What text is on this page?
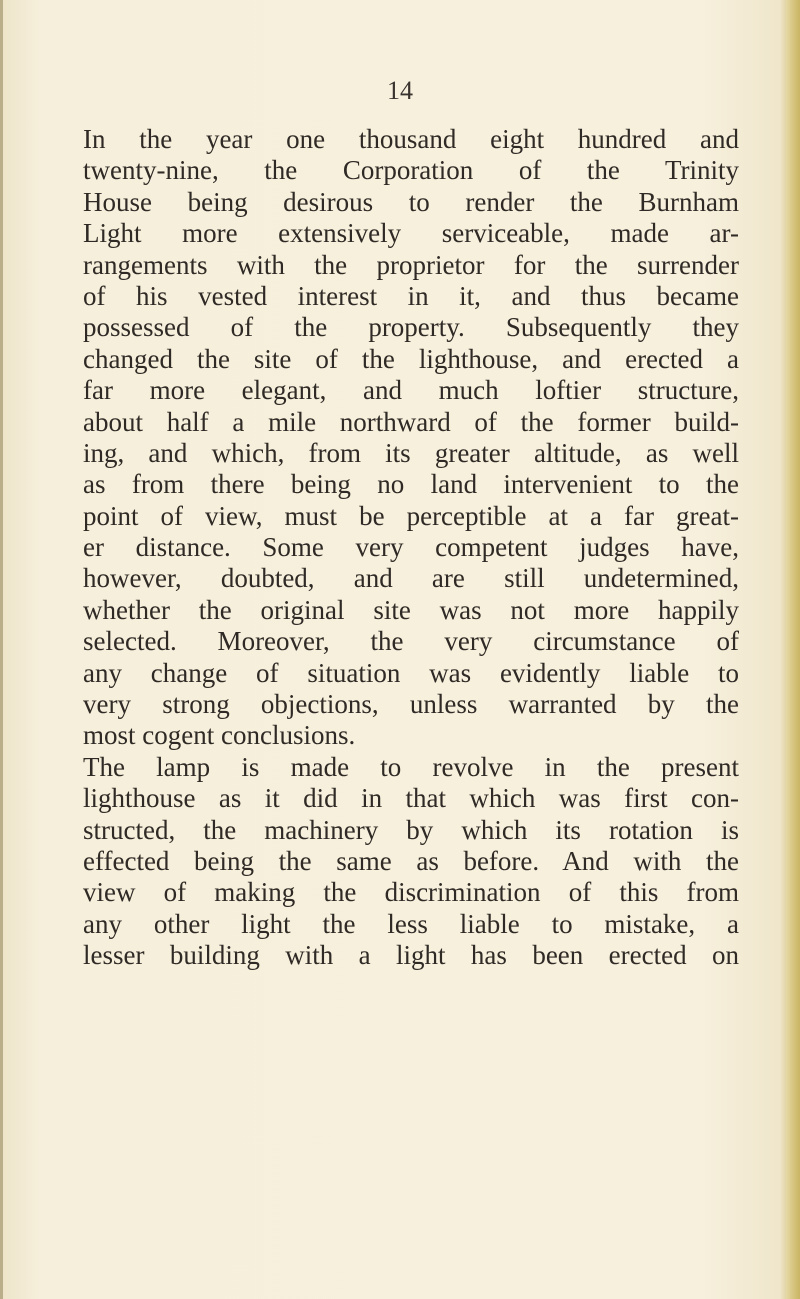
14

In the year one thousand eight hundred and
twenty-nine, the Corporation of the Trinity
House being desirous to render the Burnham
Light more extensively serviceable, made ar-
rangements with the proprietor for the surrender
of his vested interest in it, and thus became
possessed of the property. Subsequently they
changed the site of the lighthouse, and erected a
far more elegant, and much loftier structure,
about half a mile northward of the former build-
ing, and which, from its greater altitude, as well
as from there being no land intervenient to the
point of view, must be perceptible at a far great-
er distance. Some very competent judges have,
however, doubted, and are still undetermined,
whether the original site was not more happily
selected. Moreover, the very circumstance of
any change of situation was evidently liable to
very strong objections, unless warranted by the
most cogent conclusions.
The lamp is made to revolve in the present
lighthouse as it did in that which was first con-
structed, the machinery by which its rotation is
effected being the same as before. And with the
view of making the discrimination of this from
any other light the less liable to mistake, a
lesser building with a light has been erected on
